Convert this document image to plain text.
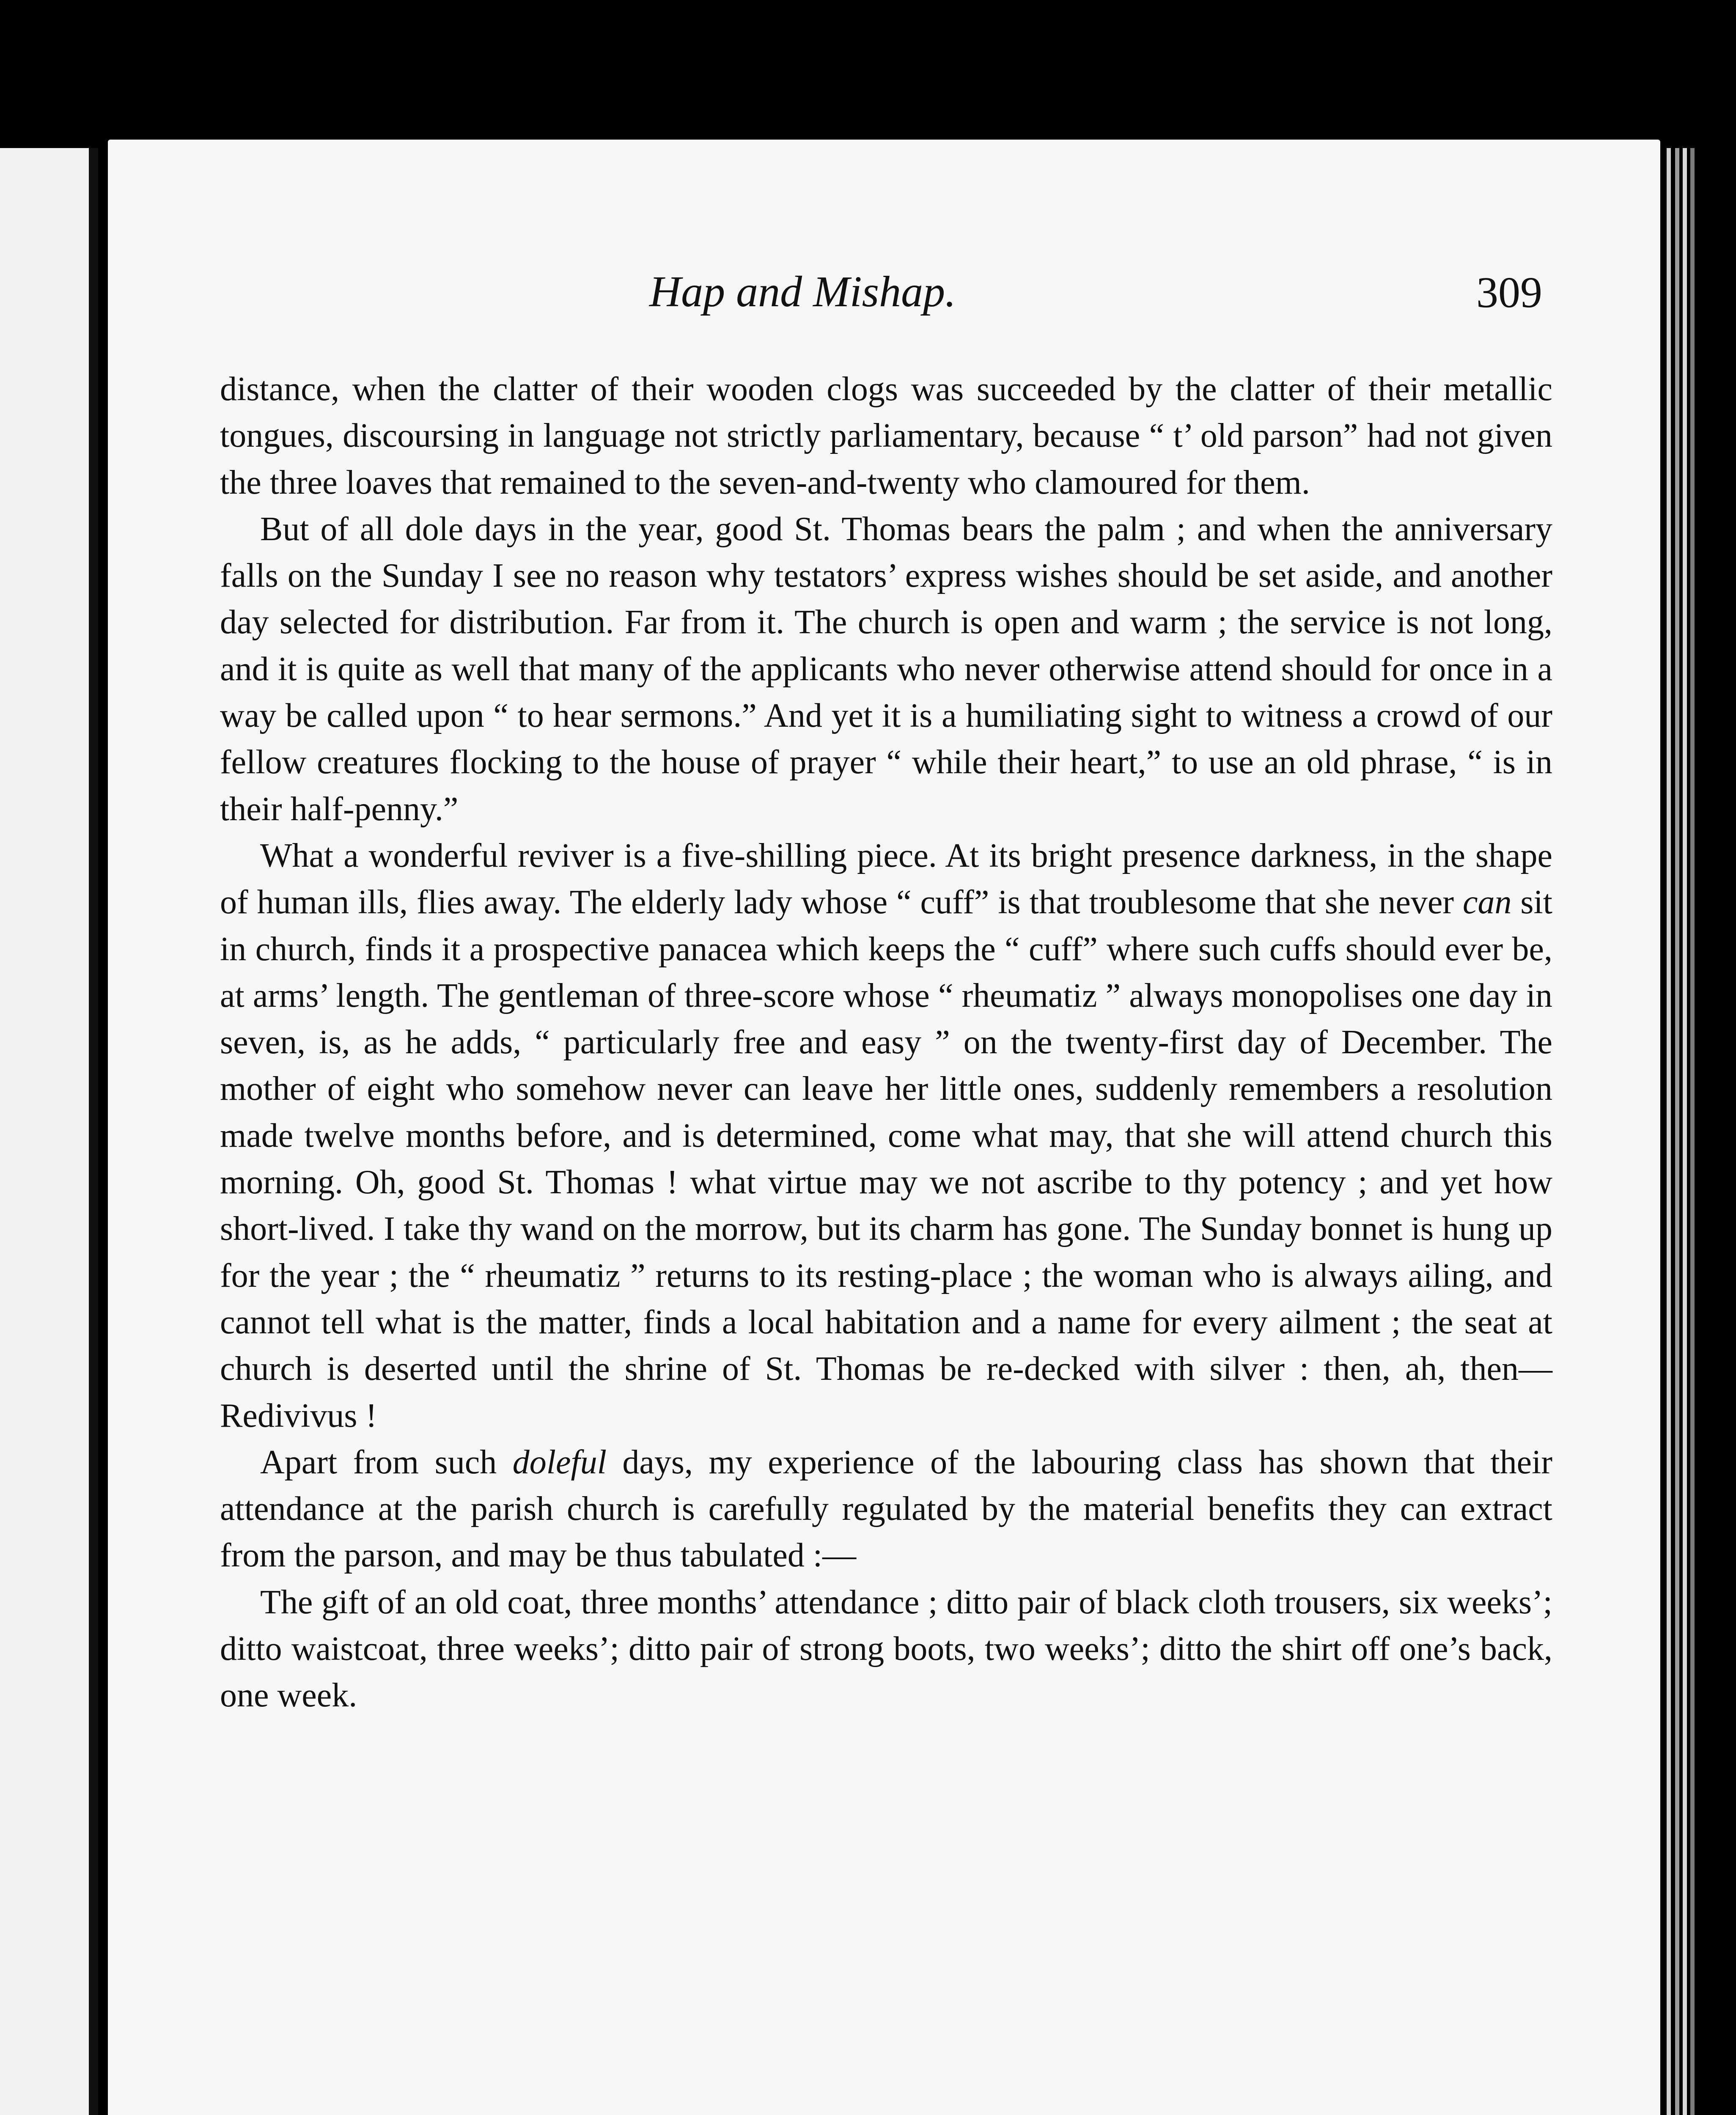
Hap and Mishap.	309

distance, when the clatter of their wooden clogs was succeeded by the clatter of their metallic tongues, discoursing in language not strictly parliamentary, because “ t’ old parson” had not given the three loaves that remained to the seven-and-twenty who clamoured for them.

But of all dole days in the year, good St. Thomas bears the palm ; and when the anniversary falls on the Sunday I see no reason why testators’ express wishes should be set aside, and another day selected for distribution. Far from it. The church is open and warm ; the service is not long, and it is quite as well that many of the applicants who never otherwise attend should for once in a way be called upon “ to hear sermons.” And yet it is a humiliating sight to witness a crowd of our fellow creatures flocking to the house of prayer “ while their heart,” to use an old phrase, “ is in their half-penny.”

What a wonderful reviver is a five-shilling piece. At its bright presence darkness, in the shape of human ills, flies away. The elderly lady whose “ cuff” is that troublesome that she never can sit in church, finds it a prospective panacea which keeps the “ cuff” where such cuffs should ever be, at arms’ length. The gentleman of three-score whose “ rheumatiz ” always monopolises one day in seven, is, as he adds, “ particularly free and easy ” on the twenty-first day of December. The mother of eight who somehow never can leave her little ones, suddenly remembers a resolution made twelve months before, and is determined, come what may, that she will attend church this morning. Oh, good St. Thomas ! what virtue may we not ascribe to thy potency ; and yet how short-lived. I take thy wand on the morrow, but its charm has gone. The Sunday bonnet is hung up for the year ; the “ rheumatiz ” returns to its resting-place ; the woman who is always ailing, and cannot tell what is the matter, finds a local habitation and a name for every ailment ; the seat at church is deserted until the shrine of St. Thomas be re-decked with silver : then, ah, then—Redivivus !

Apart from such doleful days, my experience of the labouring class has shown that their attendance at the parish church is carefully regulated by the material benefits they can extract from the parson, and may be thus tabulated :—

The gift of an old coat, three months’ attendance ; ditto pair of black cloth trousers, six weeks’; ditto waistcoat, three weeks’; ditto pair of strong boots, two weeks’; ditto the shirt off one’s back, one week.
